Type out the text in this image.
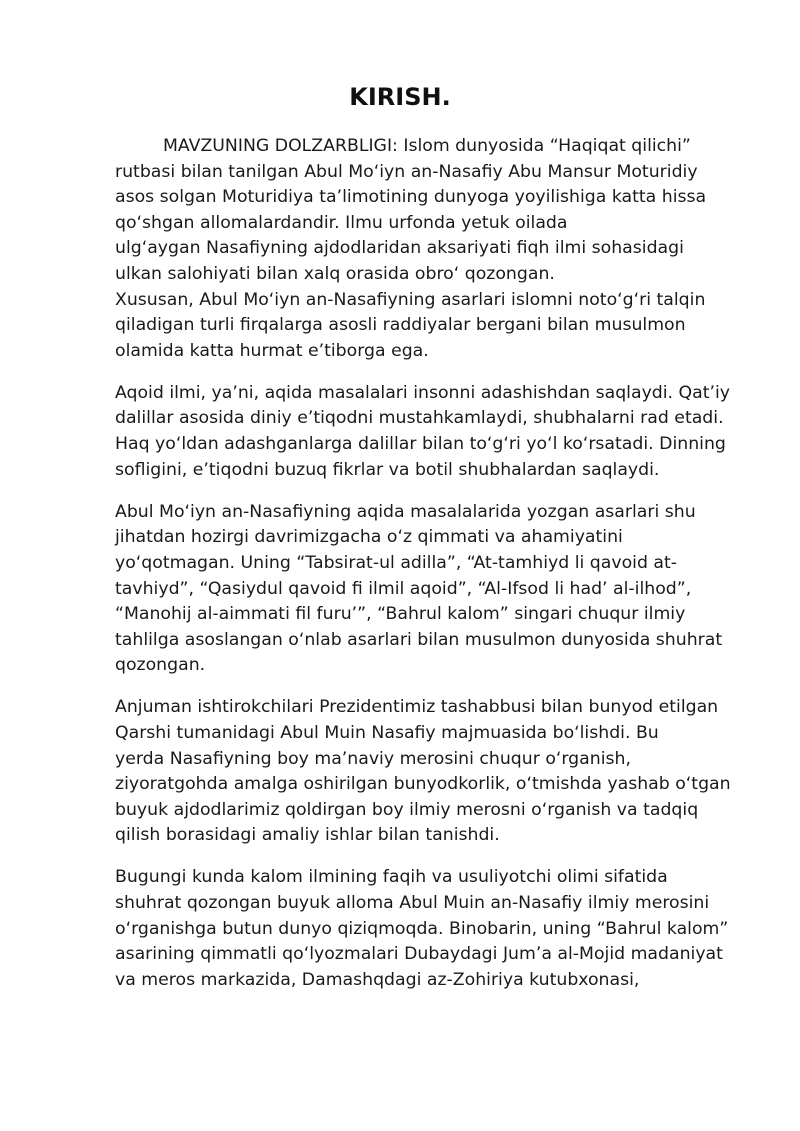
KIRISH.

MAVZUNING DOLZARBLIGI: Islom dunyosida “Haqiqat qilichi”
rutbasi bilan tanilgan Abul Mo‘iyn an-Nasafiy Abu Mansur Moturidiy
asos solgan Moturidiya ta’limotining dunyoga yoyilishiga katta hissa
qo‘shgan allomalardandir. Ilmu urfonda yetuk oilada
ulg‘aygan Nasafiyning ajdodlaridan aksariyati fiqh ilmi sohasidagi
ulkan salohiyati bilan xalq orasida obro‘ qozongan.
Xususan, Abul Mo‘iyn an-Nasafiyning asarlari islomni noto‘g‘ri talqin
qiladigan turli firqalarga asosli raddiyalar bergani bilan musulmon
olamida katta hurmat e’tiborga ega.

Aqoid ilmi, ya’ni, aqida masalalari insonni adashishdan saqlaydi. Qat’iy
dalillar asosida diniy e’tiqodni mustahkamlaydi, shubhalarni rad etadi.
Haq yo‘ldan adashganlarga dalillar bilan to‘g‘ri yo‘l ko‘rsatadi. Dinning
sofligini, e’tiqodni buzuq fikrlar va botil shubhalardan saqlaydi.

Abul Mo‘iyn an-Nasafiyning aqida masalalarida yozgan asarlari shu
jihatdan hozirgi davrimizgacha o‘z qimmati va ahamiyatini
yo‘qotmagan. Uning “Tabsirat-ul adilla”, “At-tamhiyd li qavoid at-
tavhiyd”, “Qasiydul qavoid fi ilmil aqoid”, “Al-Ifsod li had’ al-ilhod”,
“Manohij al-aimmati fil furu’”, “Bahrul kalom” singari chuqur ilmiy
tahlilga asoslangan o‘nlab asarlari bilan musulmon dunyosida shuhrat
qozongan.

Anjuman ishtirokchilari Prezidentimiz tashabbusi bilan bunyod etilgan
Qarshi tumanidagi Abul Muin Nasafiy majmuasida bo‘lishdi. Bu
yerda Nasafiyning boy ma’naviy merosini chuqur o‘rganish,
ziyoratgohda amalga oshirilgan bunyodkorlik, o‘tmishda yashab o‘tgan
buyuk ajdodlarimiz qoldirgan boy ilmiy merosni o‘rganish va tadqiq
qilish borasidagi amaliy ishlar bilan tanishdi.

Bugungi kunda kalom ilmining faqih va usuliyotchi olimi sifatida
shuhrat qozongan buyuk alloma Abul Muin an-Nasafiy ilmiy merosini
o‘rganishga butun dunyo qiziqmoqda. Binobarin, uning “Bahrul kalom”
asarining qimmatli qo‘lyozmalari Dubaydagi Jum’a al-Mojid madaniyat
va meros markazida, Damashqdagi az-Zohiriya kutubxonasi,
